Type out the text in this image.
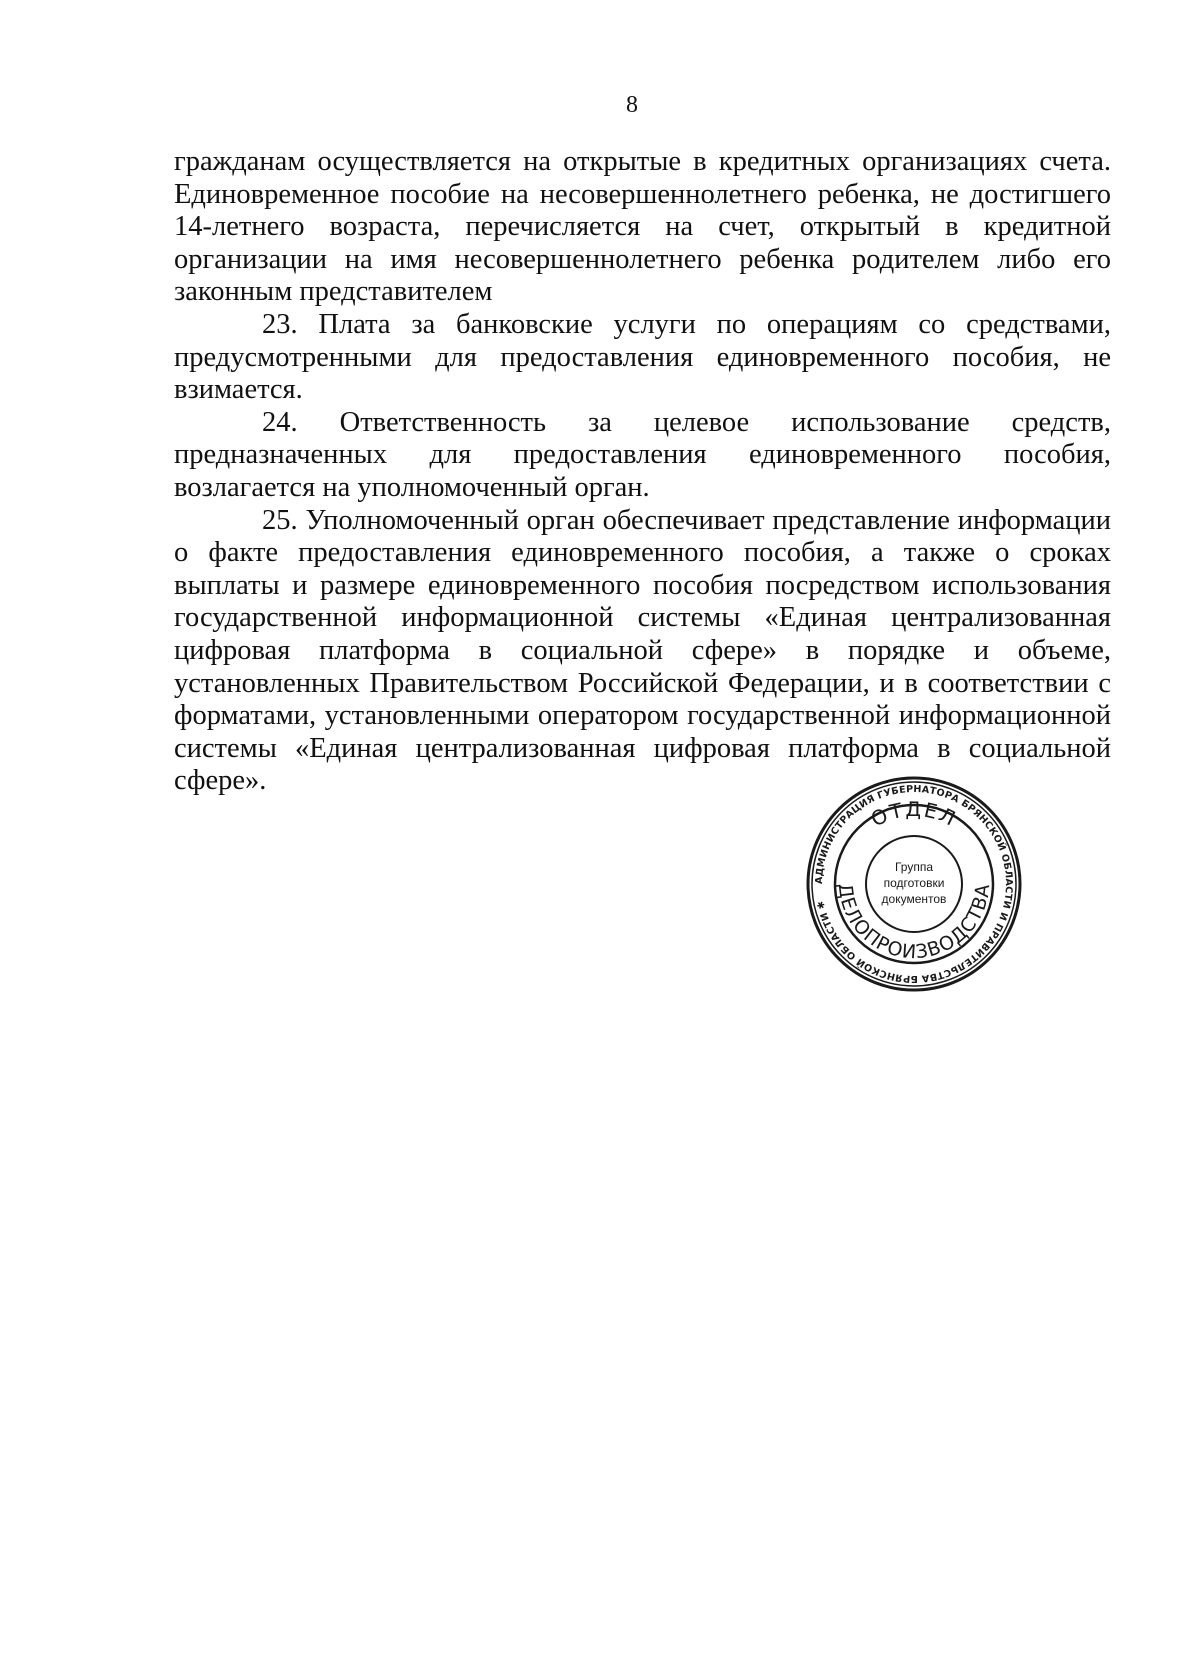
8

гражданам осуществляется на открытые в кредитных организациях счета. Единовременное пособие на несовершеннолетнего ребенка, не достигшего 14-летнего возраста, перечисляется на счет, открытый в кредитной организации на имя несовершеннолетнего ребенка родителем либо его законным представителем

23. Плата за банковские услуги по операциям со средствами, предусмотренными для предоставления единовременного пособия, не взимается.

24. Ответственность за целевое использование средств, предназначенных для предоставления единовременного пособия, возлагается на уполномоченный орган.

25. Уполномоченный орган обеспечивает представление информации о факте предоставления единовременного пособия, а также о сроках выплаты и размере единовременного пособия посредством использования государственной информационной системы «Единая централизованная цифровая платформа в социальной сфере» в порядке и объеме, установленных Правительством Российской Федерации, и в соответствии с форматами, установленными оператором государственной информационной системы «Единая централизованная цифровая платформа в социальной сфере».

АДМИНИСТРАЦИЯ ГУБЕРНАТОРА БРЯНСКОЙ ОБЛАСТИ И ПРАВИТЕЛЬСТВА БРЯНСКОЙ ОБЛАСТИ ✱
ОТДЕЛ
ДЕЛОПРОИЗВОДСТВА
Группа
подготовки
документов
